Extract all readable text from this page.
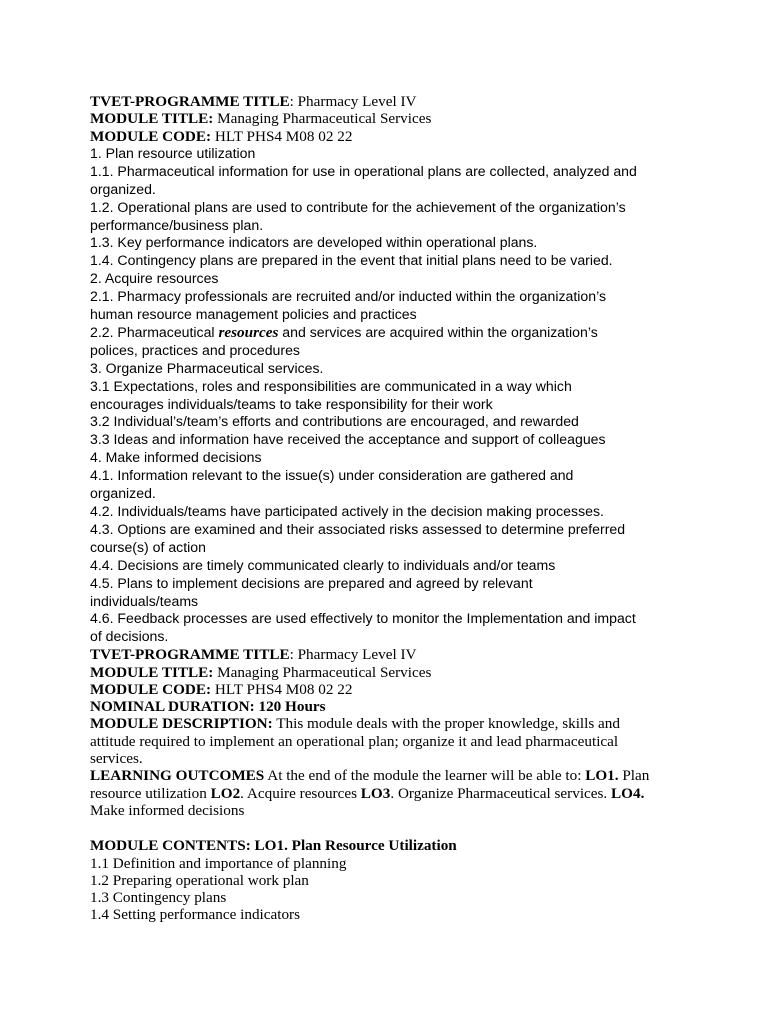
TVET-PROGRAMME TITLE: Pharmacy Level IV
MODULE TITLE: Managing Pharmaceutical Services
MODULE CODE: HLT PHS4 M08 02 22
1. Plan resource utilization
1.1. Pharmaceutical information for use in operational plans are collected, analyzed and
organized.
1.2. Operational plans are used to contribute for the achievement of the organization’s
performance/business plan.
1.3. Key performance indicators are developed within operational plans.
1.4. Contingency plans are prepared in the event that initial plans need to be varied.
2. Acquire resources
2.1. Pharmacy professionals are recruited and/or inducted within the organization’s
human resource management policies and practices
2.2. Pharmaceutical resources and services are acquired within the organization’s
polices, practices and procedures
3. Organize Pharmaceutical services.
3.1 Expectations, roles and responsibilities are communicated in a way which
encourages individuals/teams to take responsibility for their work
3.2 Individual’s/team’s efforts and contributions are encouraged, and rewarded
3.3 Ideas and information have received the acceptance and support of colleagues
4. Make informed decisions
4.1. Information relevant to the issue(s) under consideration are gathered and
organized.
4.2. Individuals/teams have participated actively in the decision making processes.
4.3. Options are examined and their associated risks assessed to determine preferred
course(s) of action
4.4. Decisions are timely communicated clearly to individuals and/or teams
4.5. Plans to implement decisions are prepared and agreed by relevant
individuals/teams
4.6. Feedback processes are used effectively to monitor the Implementation and impact
of decisions.
TVET-PROGRAMME TITLE: Pharmacy Level IV
MODULE TITLE: Managing Pharmaceutical Services
MODULE CODE: HLT PHS4 M08 02 22
NOMINAL DURATION: 120 Hours
MODULE DESCRIPTION: This module deals with the proper knowledge, skills and
attitude required to implement an operational plan; organize it and lead pharmaceutical
services.
LEARNING OUTCOMES At the end of the module the learner will be able to: LO1. Plan
resource utilization LO2. Acquire resources LO3. Organize Pharmaceutical services. LO4.
Make informed decisions
MODULE CONTENTS: LO1. Plan Resource Utilization
1.1 Definition and importance of planning
1.2 Preparing operational work plan
1.3 Contingency plans
1.4 Setting performance indicators
